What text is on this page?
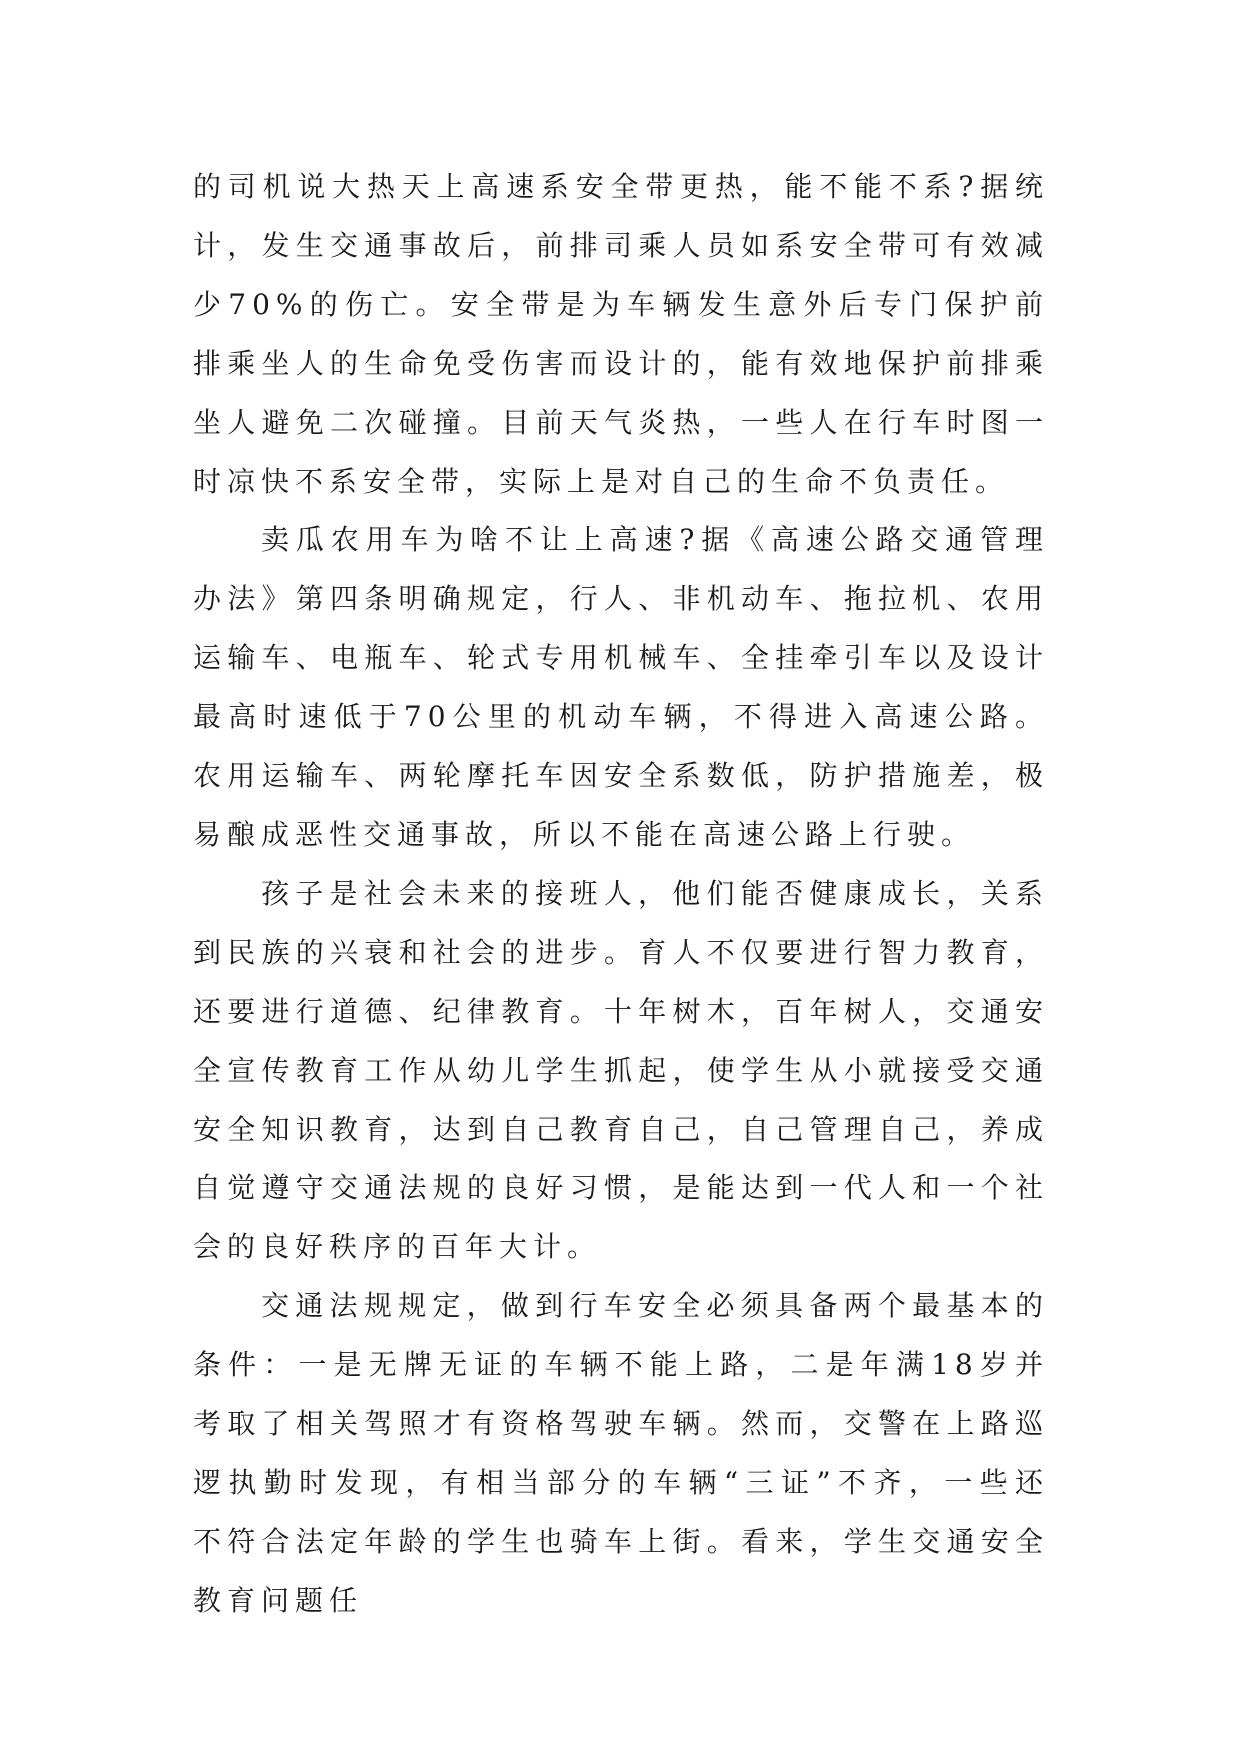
的司机说大热天上高速系安全带更热，能不能不系?据统计，发生交通事故后，前排司乘人员如系安全带可有效减少70%的伤亡。安全带是为车辆发生意外后专门保护前排乘坐人的生命免受伤害而设计的，能有效地保护前排乘坐人避免二次碰撞。目前天气炎热，一些人在行车时图一时凉快不系安全带，实际上是对自己的生命不负责任。

卖瓜农用车为啥不让上高速?据《高速公路交通管理办法》第四条明确规定，行人、非机动车、拖拉机、农用运输车、电瓶车、轮式专用机械车、全挂牵引车以及设计最高时速低于70公里的机动车辆，不得进入高速公路。农用运输车、两轮摩托车因安全系数低，防护措施差，极易酿成恶性交通事故，所以不能在高速公路上行驶。

孩子是社会未来的接班人，他们能否健康成长，关系到民族的兴衰和社会的进步。育人不仅要进行智力教育，还要进行道德、纪律教育。十年树木，百年树人，交通安全宣传教育工作从幼儿学生抓起，使学生从小就接受交通安全知识教育，达到自己教育自己，自己管理自己，养成自觉遵守交通法规的良好习惯，是能达到一代人和一个社会的良好秩序的百年大计。

交通法规规定，做到行车安全必须具备两个最基本的条件：一是无牌无证的车辆不能上路，二是年满18岁并考取了相关驾照才有资格驾驶车辆。然而，交警在上路巡逻执勤时发现，有相当部分的车辆“三证”不齐，一些还不符合法定年龄的学生也骑车上街。看来，学生交通安全教育问题任
